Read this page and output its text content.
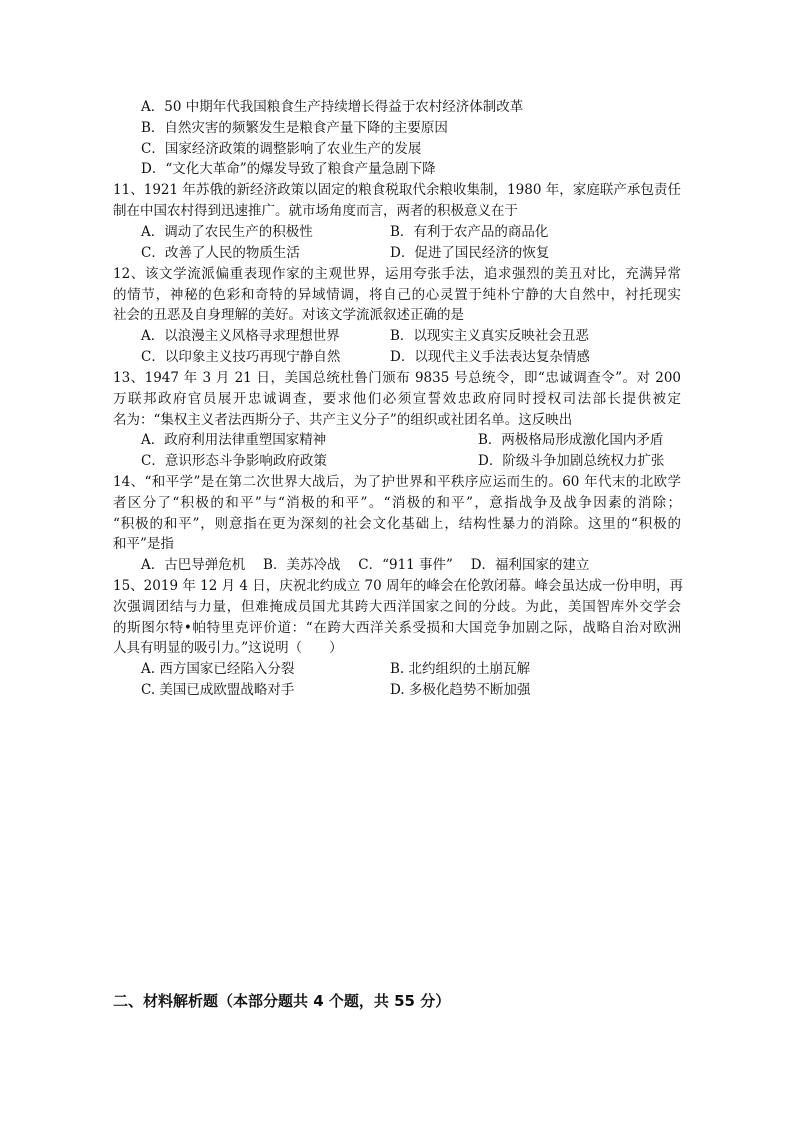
A．50 中期年代我国粮食生产持续增长得益于农村经济体制改革
B．自然灾害的频繁发生是粮食产量下降的主要原因
C．国家经济政策的调整影响了农业生产的发展
D．“文化大革命”的爆发导致了粮食产量急剧下降
11、1921 年苏俄的新经济政策以固定的粮食税取代余粮收集制，1980 年，家庭联产承包责任
制在中国农村得到迅速推广。就市场角度而言，两者的积极意义在于
A．调动了农民生产的积极性	B．有利于农产品的商品化
C．改善了人民的物质生活	D．促进了国民经济的恢复
12、该文学流派偏重表现作家的主观世界，运用夸张手法，追求强烈的美丑对比，充满异常
的情节，神秘的色彩和奇特的异域情调，将自己的心灵置于纯朴宁静的大自然中，衬托现实
社会的丑恶及自身理解的美好。对该文学流派叙述正确的是
A．以浪漫主义风格寻求理想世界	B．以现实主义真实反映社会丑恶
C．以印象主义技巧再现宁静自然	D．以现代主义手法表达复杂情感
13、1947 年 3 月 21 日，美国总统杜鲁门颁布 9835 号总统令，即“忠诚调查令”。对 200
万联邦政府官员展开忠诚调查，要求他们必须宣誓效忠政府同时授权司法部长提供被定
名为：“集权主义者法西斯分子、共产主义分子”的组织或社团名单。这反映出
A．政府利用法律重塑国家精神	B．两极格局形成激化国内矛盾
C．意识形态斗争影响政府政策	D．阶级斗争加剧总统权力扩张
14、“和平学”是在第二次世界大战后，为了护世界和平秩序应运而生的。60 年代末的北欧学
者区分了“积极的和平”与“消极的和平”。“消极的和平”，意指战争及战争因素的消除；
“积极的和平”，则意指在更为深刻的社会文化基础上，结构性暴力的消除。这里的“积极的
和平”是指
A．古巴导弹危机　 B．美苏冷战　 C．“911 事件”　 D．福利国家的建立
15、2019 年 12 月 4 日，庆祝北约成立 70 周年的峰会在伦敦闭幕。峰会虽达成一份申明，再
次强调团结与力量，但难掩成员国尤其跨大西洋国家之间的分歧。为此，美国智库外交学会
的斯图尔特•帕特里克评价道：“在跨大西洋关系受损和大国竞争加剧之际，战略自治对欧洲
人具有明显的吸引力。”这说明（　　）
A. 西方国家已经陷入分裂	B. 北约组织的土崩瓦解
C. 美国已成欧盟战略对手	D. 多极化趋势不断加强
二、材料解析题（本部分题共 4 个题，共 55 分）
